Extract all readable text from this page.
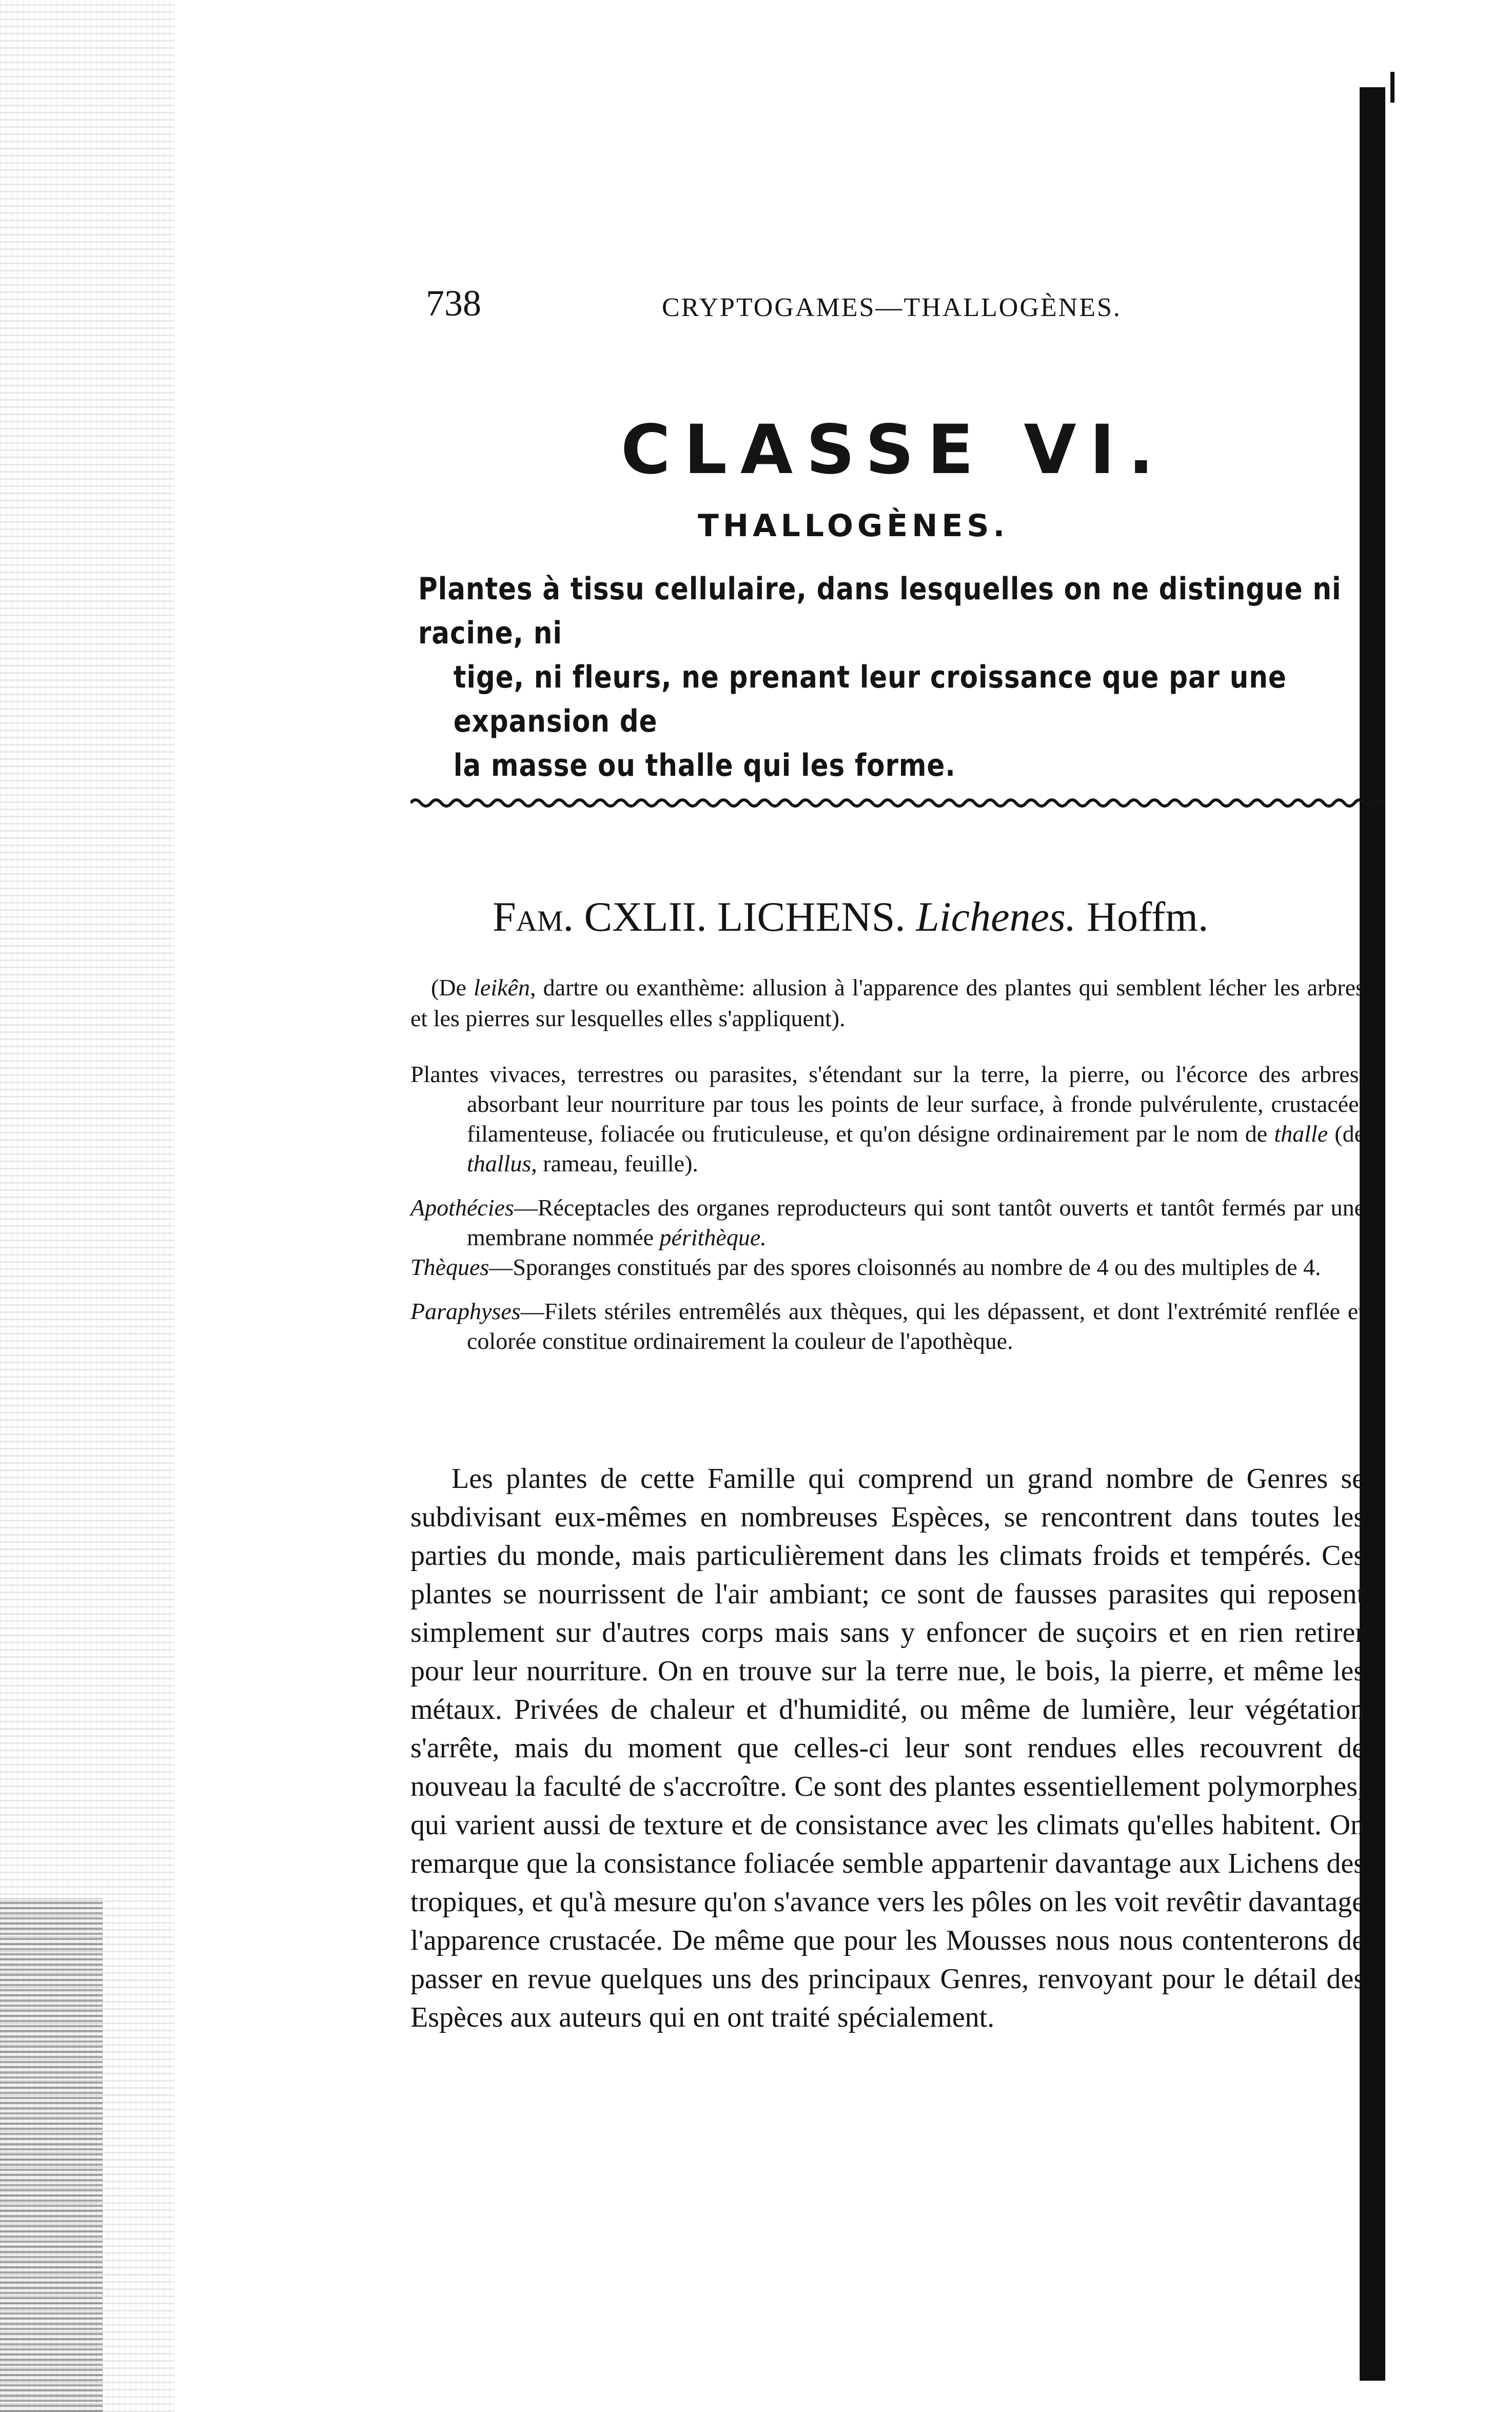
738	CRYPTOGAMES—THALLOGÈNES.
CLASSE VI.
THALLOGÈNES.
Plantes à tissu cellulaire, dans lesquelles on ne distingue ni racine, ni
tige, ni fleurs, ne prenant leur croissance que par une expansion de
la masse ou thalle qui les forme.
Fam. CXLII. LICHENS. Lichenes. Hoffm.
(De leikên, dartre ou exanthème: allusion à l'apparence des plantes qui semblent lécher les arbres et les pierres sur lesquelles elles s'appliquent).

Plantes vivaces, terrestres ou parasites, s'étendant sur la terre, la pierre, ou l'écorce des arbres, absorbant leur nourriture par tous les points de leur surface, à fronde pulvérulente, crustacée, filamenteuse, foliacée ou fruticuleuse, et qu'on désigne ordinairement par le nom de thalle (de thallus, rameau, feuille).

Apothécies—Réceptacles des organes reproducteurs qui sont tantôt ouverts et tantôt fermés par une membrane nommée périthèque.

Thèques—Sporanges constitués par des spores cloisonnés au nombre de 4 ou des multiples de 4.

Paraphyses—Filets stériles entremêlés aux thèques, qui les dépassent, et dont l'extrémité renflée et colorée constitue ordinairement la couleur de l'apothèque.

Les plantes de cette Famille qui comprend un grand nombre de Genres se subdivisant eux-mêmes en nombreuses Espèces, se rencontrent dans toutes les parties du monde, mais particulièrement dans les climats froids et tempérés. Ces plantes se nourrissent de l'air ambiant; ce sont de fausses parasites qui reposent simplement sur d'autres corps mais sans y enfoncer de suçoirs et en rien retirer pour leur nourriture. On en trouve sur la terre nue, le bois, la pierre, et même les métaux. Privées de chaleur et d'humidité, ou même de lumière, leur végétation s'arrête, mais du moment que celles-ci leur sont rendues elles recouvrent de nouveau la faculté de s'accroître. Ce sont des plantes essentiellement polymorphes, qui varient aussi de texture et de consistance avec les climats qu'elles habitent. On remarque que la consistance foliacée semble appartenir davantage aux Lichens des tropiques, et qu'à mesure qu'on s'avance vers les pôles on les voit revêtir davantage l'apparence crustacée. De même que pour les Mousses nous nous contenterons de passer en revue quelques uns des principaux Genres, renvoyant pour le détail des Espèces aux auteurs qui en ont traité spécialement.
